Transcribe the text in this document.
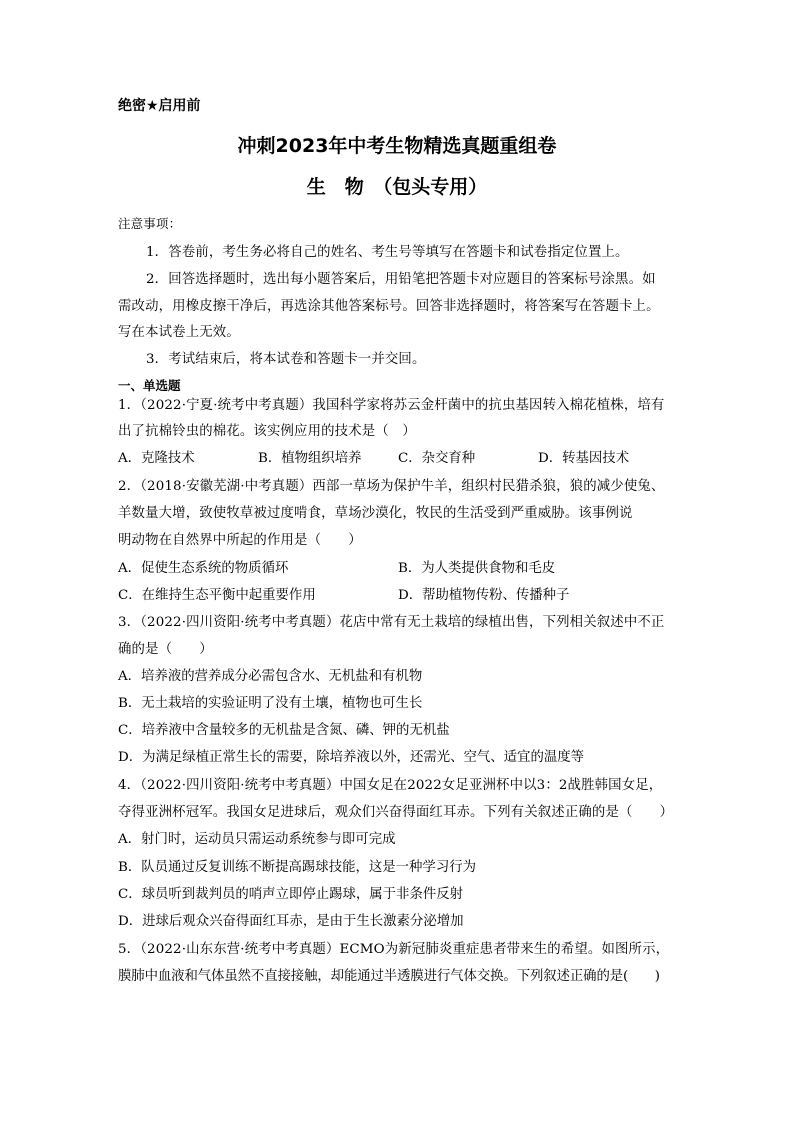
绝密★启用前
冲刺2023年中考生物精选真题重组卷
生　物　（包头专用）
注意事项：
1．答卷前，考生务必将自己的姓名、考生号等填写在答题卡和试卷指定位置上。
2．回答选择题时，选出每小题答案后，用铅笔把答题卡对应题目的答案标号涂黑。如
需改动，用橡皮擦干净后，再选涂其他答案标号。回答非选择题时，将答案写在答题卡上。
写在本试卷上无效。
3．考试结束后，将本试卷和答题卡一并交回。
一、单选题
1．（2022·宁夏·统考中考真题）我国科学家将苏云金杆菌中的抗虫基因转入棉花植株，培有
出了抗棉铃虫的棉花。该实例应用的技术是（　）
A．克隆技术	B．植物组织培养	C．杂交育种	D．转基因技术
2．（2018·安徽芜湖·中考真题）西部一草场为保护牛羊，组织村民猎杀狼，狼的减少使兔、
羊数量大增，致使牧草被过度啃食，草场沙漠化，牧民的生活受到严重威胁。该事例说
明动物在自然界中所起的作用是（　　）
A．促使生态系统的物质循环	B．为人类提供食物和毛皮
C．在维持生态平衡中起重要作用	D．帮助植物传粉、传播种子
3．（2022·四川资阳·统考中考真题）花店中常有无土栽培的绿植出售，下列相关叙述中不正
确的是（　　）
A．培养液的营养成分必需包含水、无机盐和有机物
B．无土栽培的实验证明了没有土壤，植物也可生长
C．培养液中含量较多的无机盐是含氮、磷、钾的无机盐
D．为满足绿植正常生长的需要，除培养液以外，还需光、空气、适宜的温度等
4．（2022·四川资阳·统考中考真题）中国女足在2022女足亚洲杯中以3：2战胜韩国女足，
夺得亚洲杯冠军。我国女足进球后，观众们兴奋得面红耳赤。下列有关叙述正确的是（　　）
A．射门时，运动员只需运动系统参与即可完成
B．队员通过反复训练不断提高踢球技能，这是一种学习行为
C．球员听到裁判员的哨声立即停止踢球，属于非条件反射
D．进球后观众兴奋得面红耳赤，是由于生长激素分泌增加
5．（2022·山东东营·统考中考真题）ECMO为新冠肺炎重症患者带来生的希望。如图所示，
膜肺中血液和气体虽然不直接接触，却能通过半透膜进行气体交换。下列叙述正确的是(　　)
